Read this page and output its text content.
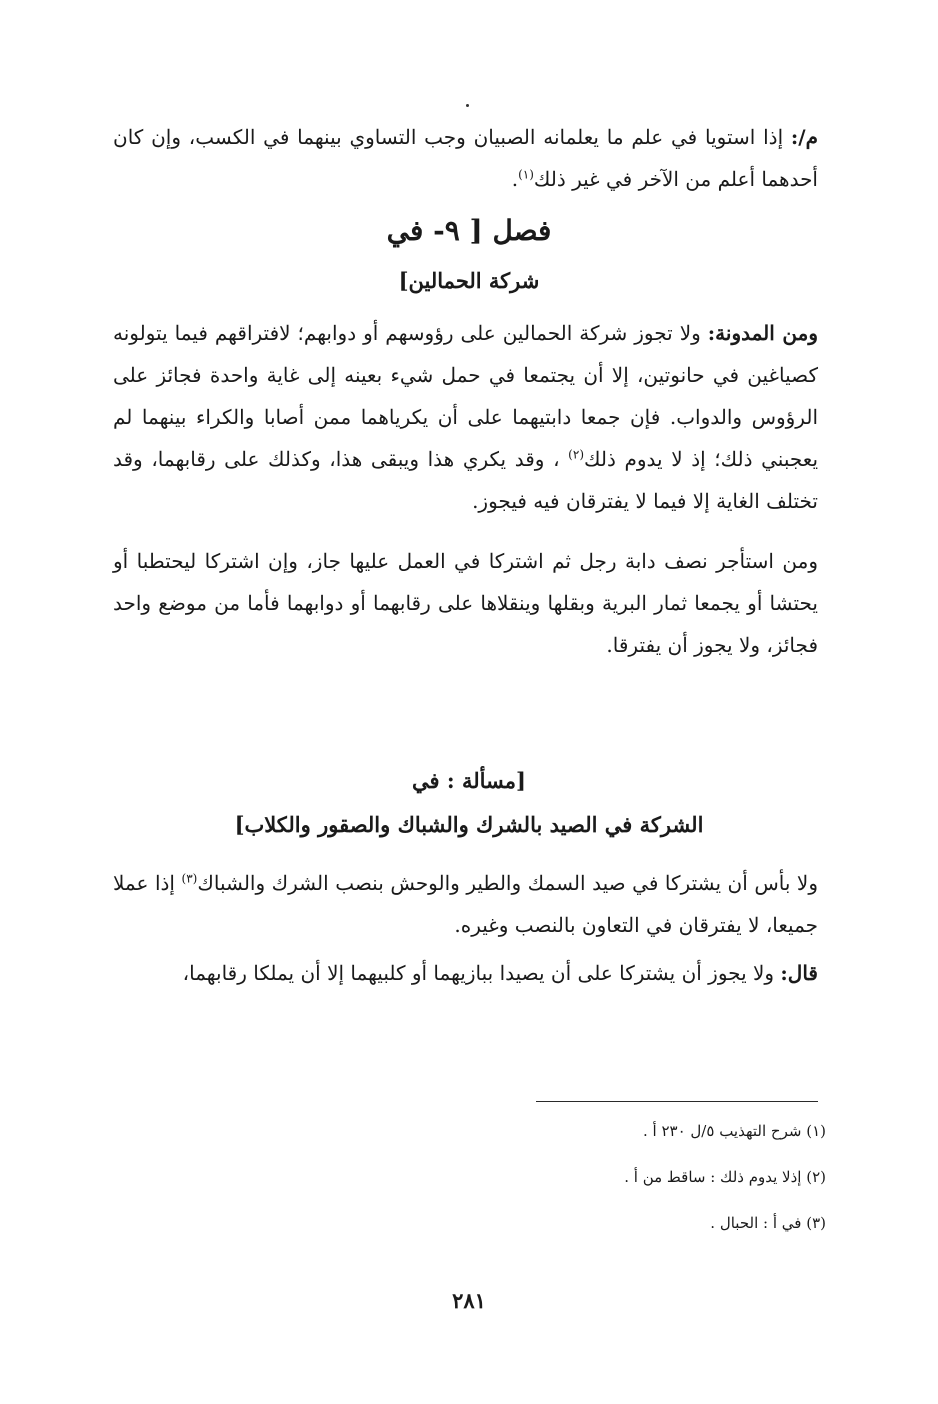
م/: إذا استويا في علم ما يعلمانه الصبيان وجب التساوي بينهما في الكسب، وإن كان أحدهما أعلم من الآخر في غير ذلك$^{(١)}$.

فصل [ ٩- في
شركة الحمالين]

ومن المدونة: ولا تجوز شركة الحمالين على رؤوسهم أو دوابهم؛ لافتراقهم فيما يتولونه كصياغين في حانوتين، إلا أن يجتمعا في حمل شيء بعينه إلى غاية واحدة فجائز على الرؤوس والدواب. فإن جمعا دابتيهما على أن يكرياهما ممن أصابا والكراء بينهما لم يعجبني ذلك؛ إذ لا يدوم ذلك$^{(٢)}$ ، وقد يكري هذا ويبقى هذا، وكذلك على رقابهما، وقد تختلف الغاية إلا فيما لا يفترقان فيه فيجوز.

ومن استأجر نصف دابة رجل ثم اشتركا في العمل عليها جاز، وإن اشتركا ليحتطبا أو يحتشا أو يجمعا ثمار البرية وبقلها وينقلاها على رقابهما أو دوابهما فأما من موضع واحد فجائز، ولا يجوز أن يفترقا.

[مسألة : في
الشركة في الصيد بالشرك والشباك والصقور والكلاب]

ولا بأس أن يشتركا في صيد السمك والطير والوحش بنصب الشرك والشباك$^{(٣)}$ إذا عملا جميعا، لا يفترقان في التعاون بالنصب وغيره.

قال: ولا يجوز أن يشتركا على أن يصيدا ببازيهما أو كلبيهما إلا أن يملكا رقابهما،

(١) شرح التهذيب ٥/ل ٢٣٠ أ .
(٢) إذلا يدوم ذلك : ساقط من أ .
(٣) في أ : الحبال .
٢٨١
